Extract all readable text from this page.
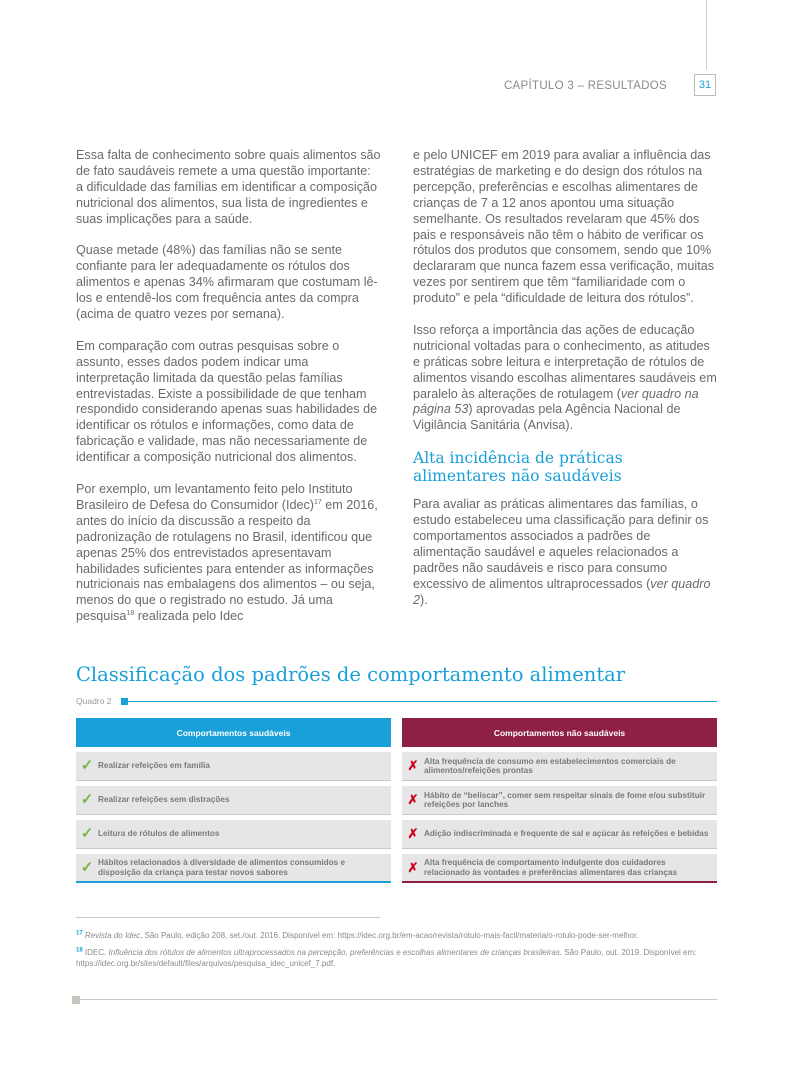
CAPÍTULO 3 – RESULTADOS	31

Essa falta de conhecimento sobre quais alimentos são de fato saudáveis remete a uma questão importante: a dificuldade das famílias em identificar a composição nutricional dos alimentos, sua lista de ingredientes e suas implicações para a saúde.

Quase metade (48%) das famílias não se sente confiante para ler adequadamente os rótulos dos alimentos e apenas 34% afirmaram que costumam lê-los e entendê-los com frequência antes da compra (acima de quatro vezes por semana).

Em comparação com outras pesquisas sobre o assunto, esses dados podem indicar uma interpretação limitada da questão pelas famílias entrevistadas. Existe a possibilidade de que tenham respondido considerando apenas suas habilidades de identificar os rótulos e informações, como data de fabricação e validade, mas não necessariamente de identificar a composição nutricional dos alimentos.

Por exemplo, um levantamento feito pelo Instituto Brasileiro de Defesa do Consumidor (Idec)$^{17}$ em 2016, antes do início da discussão a respeito da padronização de rotulagens no Brasil, identificou que apenas 25% dos entrevistados apresentavam habilidades suficientes para entender as informações nutricionais nas embalagens dos alimentos – ou seja, menos do que o registrado no estudo. Já uma pesquisa$^{18}$ realizada pelo Idec

e pelo UNICEF em 2019 para avaliar a influência das estratégias de marketing e do design dos rótulos na percepção, preferências e escolhas alimentares de crianças de 7 a 12 anos apontou uma situação semelhante. Os resultados revelaram que 45% dos pais e responsáveis não têm o hábito de verificar os rótulos dos produtos que consomem, sendo que 10% declararam que nunca fazem essa verificação, muitas vezes por sentirem que têm “familiaridade com o produto” e pela “dificuldade de leitura dos rótulos”.

Isso reforça a importância das ações de educação nutricional voltadas para o conhecimento, as atitudes e práticas sobre leitura e interpretação de rótulos de alimentos visando escolhas alimentares saudáveis em paralelo às alterações de rotulagem (ver quadro na página 53) aprovadas pela Agência Nacional de Vigilância Sanitária (Anvisa).

Alta incidência de práticas alimentares não saudáveis

Para avaliar as práticas alimentares das famílias, o estudo estabeleceu uma classificação para definir os comportamentos associados a padrões de alimentação saudável e aqueles relacionados a padrões não saudáveis e risco para consumo excessivo de alimentos ultraprocessados (ver quadro 2).

Classificação dos padrões de comportamento alimentar
Quadro 2
Comportamentos saudáveis
✓ Realizar refeições em família
✓ Realizar refeições sem distrações
✓ Leitura de rótulos de alimentos
✓ Hábitos relacionados à diversidade de alimentos consumidos e disposição da criança para testar novos sabores
Comportamentos não saudáveis
✗ Alta frequência de consumo em estabelecimentos comerciais de alimentos/refeições prontas
✗ Hábito de “beliscar”, comer sem respeitar sinais de fome e/ou substituir refeições por lanches
✗ Adição indiscriminada e frequente de sal e açúcar às refeições e bebidas
✗ Alta frequência de comportamento indulgente dos cuidadores relacionado às vontades e preferências alimentares das crianças
$^{17}$ Revista do Idec, São Paulo, edição 208, set./out. 2016. Disponível em: https://idec.org.br/em-acao/revista/rotulo-mais-facil/materia/o-rotulo-pode-ser-melhor.
$^{18}$ IDEC. Influência dos rótulos de alimentos ultraprocessados na percepção, preferências e escolhas alimentares de crianças brasileiras. São Paulo, out. 2019. Disponível em: https://idec.org.br/sites/default/files/arquivos/pesquisa_idec_unicef_7.pdf.
